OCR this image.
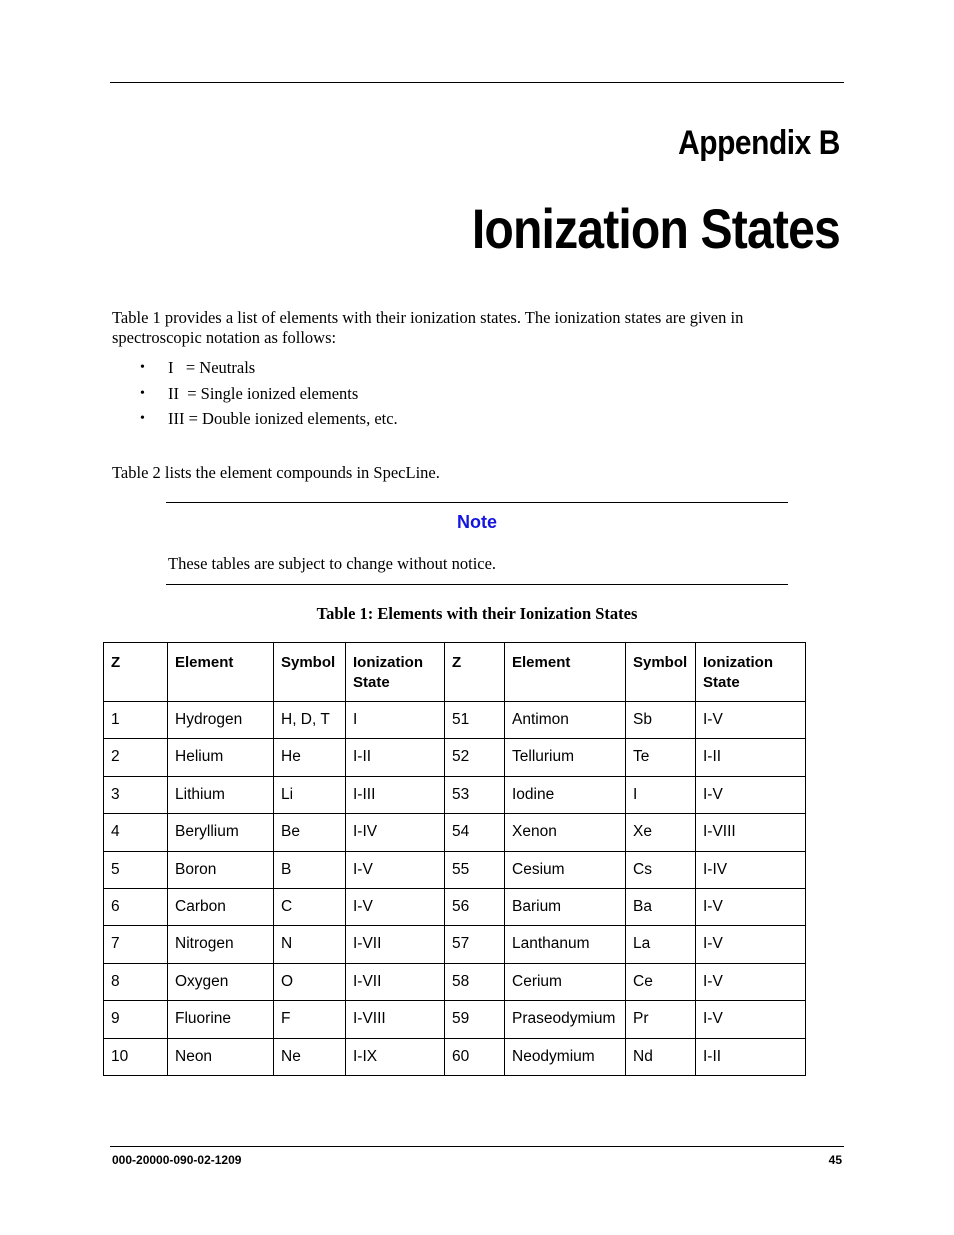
Appendix B
Ionization States
Table 1 provides a list of elements with their ionization states. The ionization states are given in spectroscopic notation as follows:
•	I   = Neutrals
•	II  = Single ionized elements
•	III = Double ionized elements, etc.
Table 2 lists the element compounds in SpecLine.
Note
These tables are subject to change without notice.
Table 1: Elements with their Ionization States
Z	Element	Symbol	Ionization State	Z	Element	Symbol	Ionization State
1	Hydrogen	H, D, T	I	51	Antimon	Sb	I-V
2	Helium	He	I-II	52	Tellurium	Te	I-II
3	Lithium	Li	I-III	53	Iodine	I	I-V
4	Beryllium	Be	I-IV	54	Xenon	Xe	I-VIII
5	Boron	B	I-V	55	Cesium	Cs	I-IV
6	Carbon	C	I-V	56	Barium	Ba	I-V
7	Nitrogen	N	I-VII	57	Lanthanum	La	I-V
8	Oxygen	O	I-VII	58	Cerium	Ce	I-V
9	Fluorine	F	I-VIII	59	Praseodymium	Pr	I-V
10	Neon	Ne	I-IX	60	Neodymium	Nd	I-II
000-20000-090-02-1209	45
